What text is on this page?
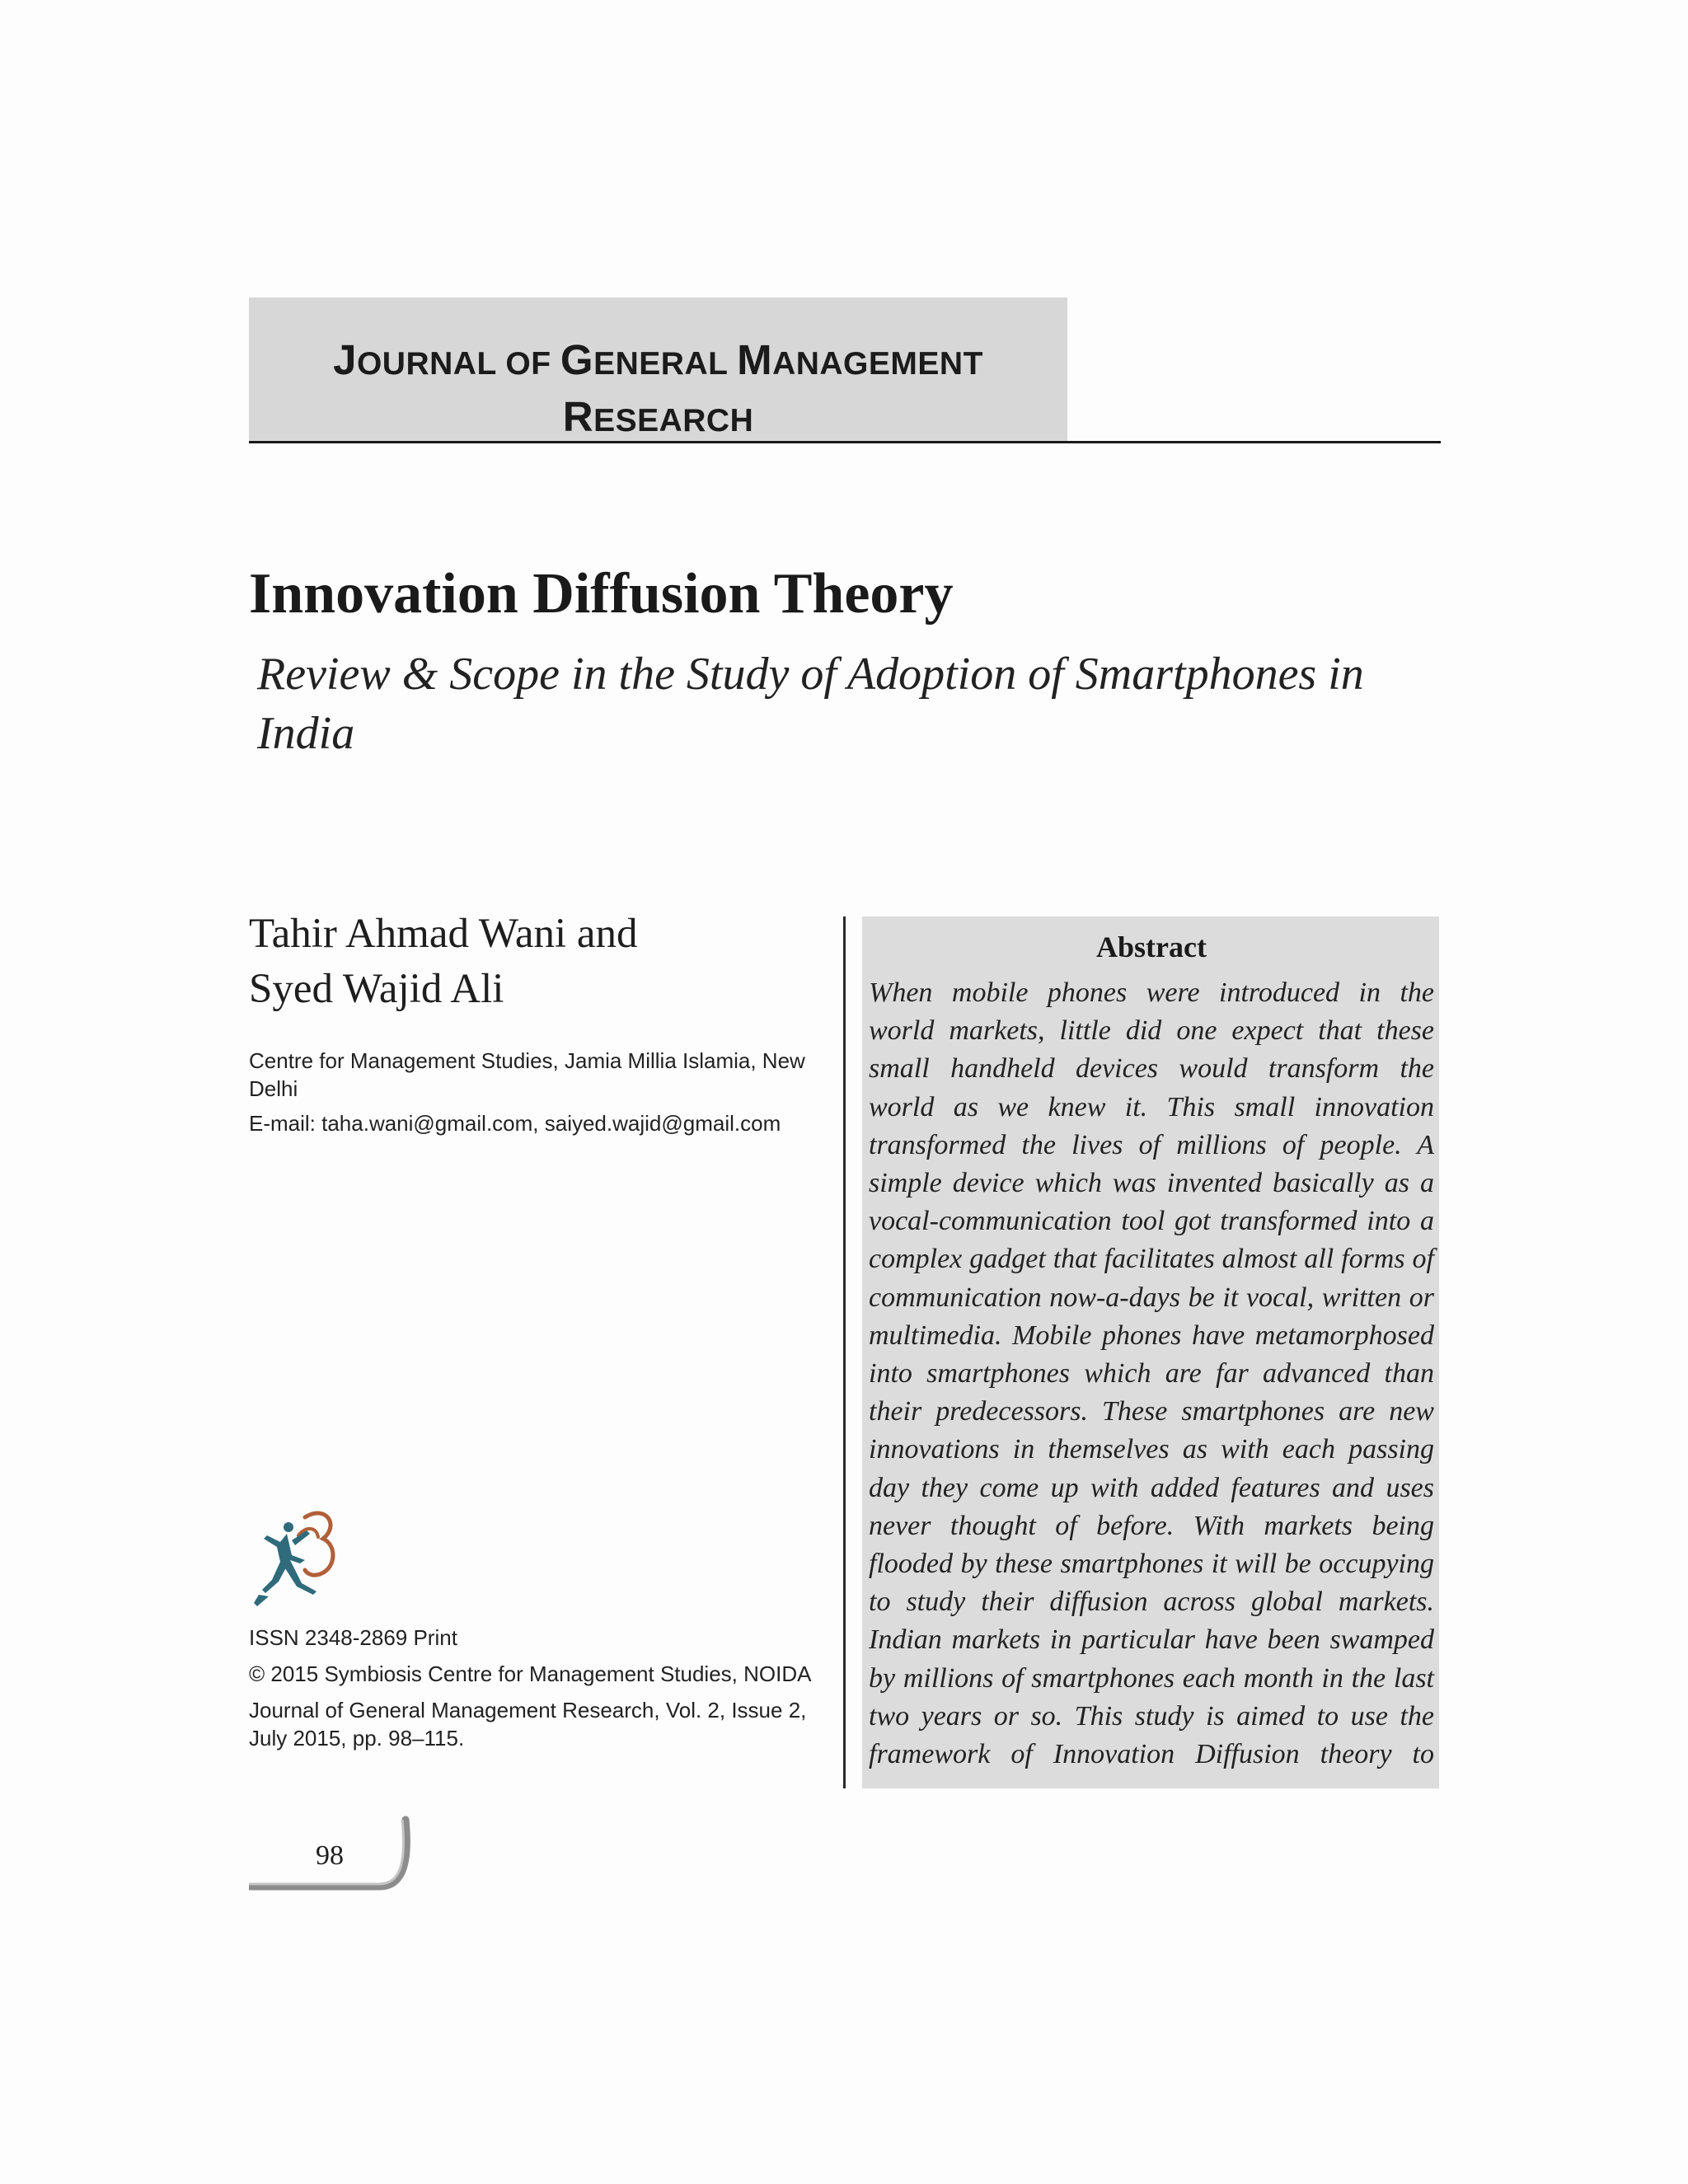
JOURNAL OF GENERAL MANAGEMENT
RESEARCH
Innovation Diffusion Theory
Review & Scope in the Study of Adoption of Smartphones in India
Tahir Ahmad Wani and
Syed Wajid Ali

Centre for Management Studies, Jamia Millia Islamia, New Delhi

E-mail: taha.wani@gmail.com, saiyed.wajid@gmail.com

ISSN 2348-2869 Print

© 2015 Symbiosis Centre for Management Studies, NOIDA

Journal of General Management Research, Vol. 2, Issue 2, July 2015, pp. 98–115.

Abstract

When mobile phones were introduced in the
world markets, little did one expect that these
small handheld devices would transform the
world as we knew it. This small innovation
transformed the lives of millions of people. A
simple device which was invented basically as a
vocal-communication tool got transformed into a
complex gadget that facilitates almost all forms of
communication now-a-days be it vocal, written or
multimedia. Mobile phones have metamorphosed
into smartphones which are far advanced than
their predecessors. These smartphones are new
innovations in themselves as with each passing
day they come up with added features and uses
never thought of before. With markets being
flooded by these smartphones it will be occupying
to study their diffusion across global markets.
Indian markets in particular have been swamped
by millions of smartphones each month in the last
two years or so. This study is aimed to use the
framework of Innovation Diffusion theory to

98
